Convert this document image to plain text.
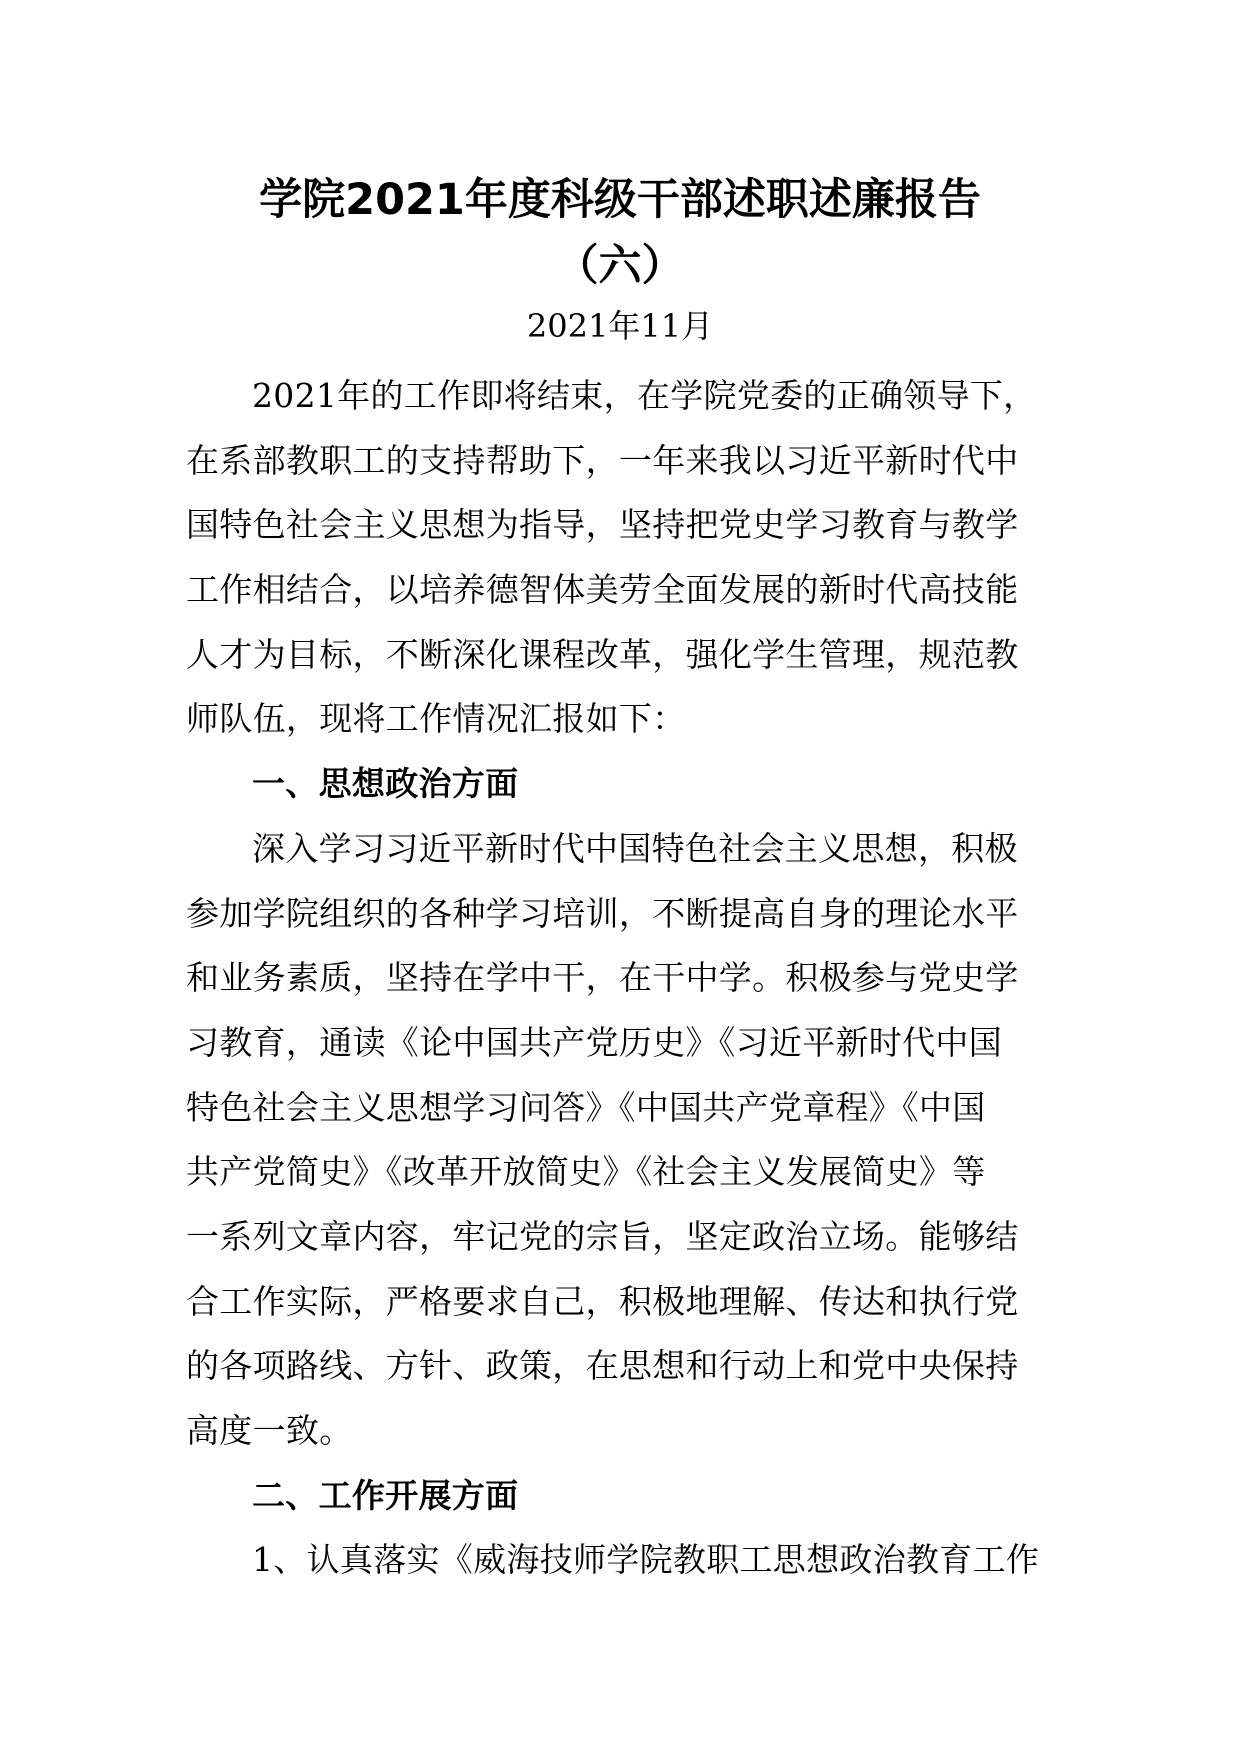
学院2021年度科级干部述职述廉报告
（六）
2021年11月
2021年的工作即将结束，在学院党委的正确领导下，
在系部教职工的支持帮助下，一年来我以习近平新时代中
国特色社会主义思想为指导，坚持把党史学习教育与教学
工作相结合，以培养德智体美劳全面发展的新时代高技能
人才为目标，不断深化课程改革，强化学生管理，规范教
师队伍，现将工作情况汇报如下：
一、思想政治方面
深入学习习近平新时代中国特色社会主义思想，积极
参加学院组织的各种学习培训，不断提高自身的理论水平
和业务素质，坚持在学中干，在干中学。积极参与党史学
习教育，通读《论中国共产党历史》《习近平新时代中国
特色社会主义思想学习问答》《中国共产党章程》《中国
共产党简史》《改革开放简史》《社会主义发展简史》等
一系列文章内容，牢记党的宗旨，坚定政治立场。能够结
合工作实际，严格要求自己，积极地理解、传达和执行党
的各项路线、方针、政策，在思想和行动上和党中央保持
高度一致。
二、工作开展方面
1、认真落实《威海技师学院教职工思想政治教育工作
